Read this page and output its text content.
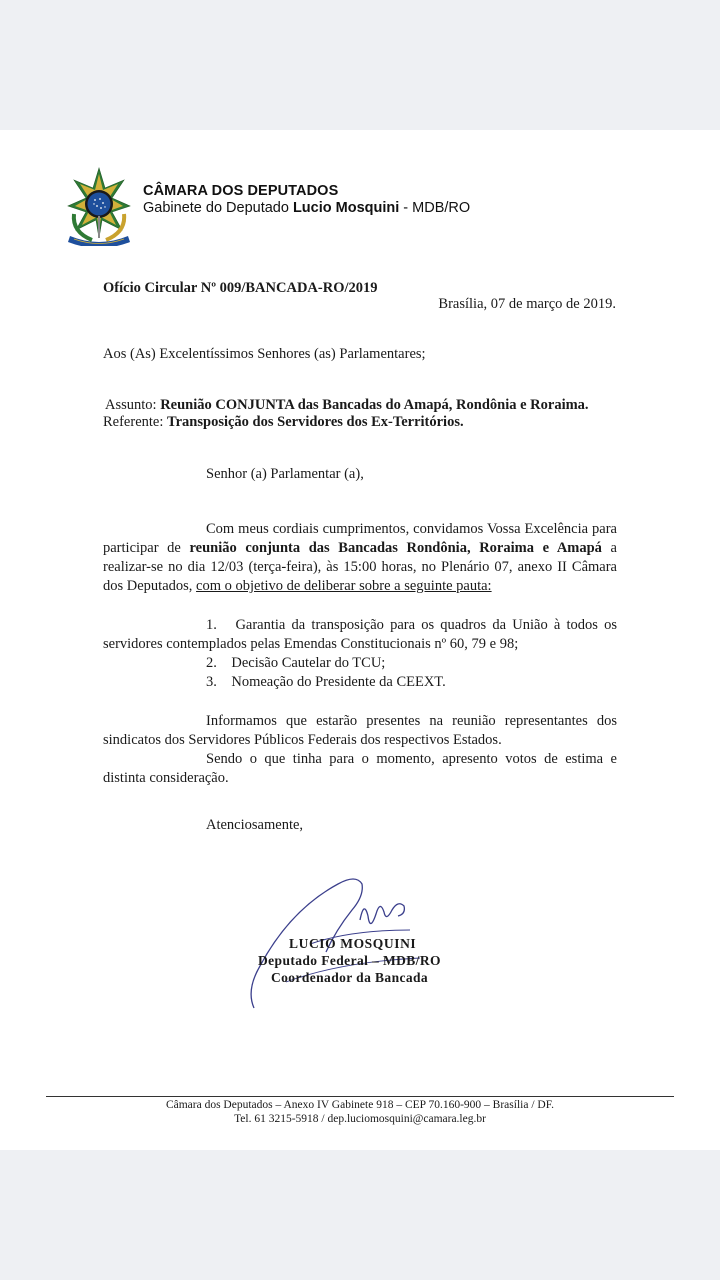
CÂMARA DOS DEPUTADOS
Gabinete do Deputado Lucio Mosquini - MDB/RO
Ofício Circular Nº 009/BANCADA-RO/2019
Brasília, 07 de março de 2019.
Aos (As) Excelentíssimos Senhores (as) Parlamentares;
Assunto: Reunião CONJUNTA das Bancadas do Amapá, Rondônia e Roraima.
Referente: Transposição dos Servidores dos Ex-Territórios.
Senhor (a) Parlamentar (a),
Com meus cordiais cumprimentos, convidamos Vossa Excelência para participar de reunião conjunta das Bancadas Rondônia, Roraima e Amapá a realizar-se no dia 12/03 (terça-feira), às 15:00 horas, no Plenário 07, anexo II Câmara dos Deputados, com o objetivo de deliberar sobre a seguinte pauta:
1. Garantia da transposição para os quadros da União à todos os servidores contemplados pelas Emendas Constitucionais nº 60, 79 e 98;
2. Decisão Cautelar do TCU;
3. Nomeação do Presidente da CEEXT.
Informamos que estarão presentes na reunião representantes dos sindicatos dos Servidores Públicos Federais dos respectivos Estados.
Sendo o que tinha para o momento, apresento votos de estima e distinta consideração.
Atenciosamente,
LUCIO MOSQUINI
Deputado Federal – MDB/RO
Coordenador da Bancada
Câmara dos Deputados – Anexo IV Gabinete 918 – CEP 70.160-900 – Brasília / DF.
Tel. 61 3215-5918 / dep.luciomosquini@camara.leg.br
